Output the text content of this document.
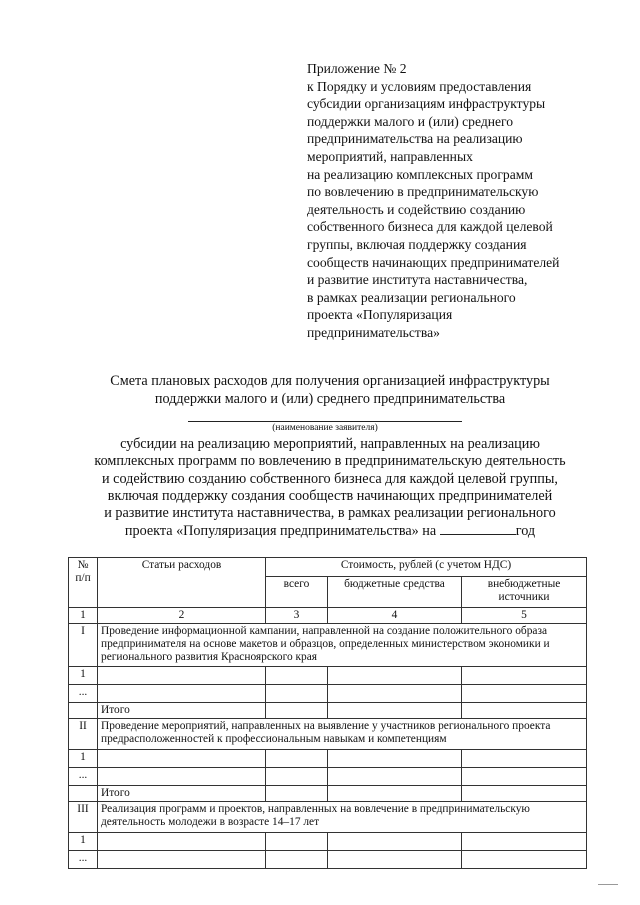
Приложение № 2
к Порядку и условиям предоставления
субсидии организациям инфраструктуры
поддержки малого и (или) среднего
предпринимательства на реализацию
мероприятий, направленных
на реализацию комплексных программ
по вовлечению в предпринимательскую
деятельность и содействию созданию
собственного бизнеса для каждой целевой
группы, включая поддержку создания
сообществ начинающих предпринимателей
и развитие института наставничества,
в рамках реализации регионального
проекта «Популяризация
предпринимательства»
Смета плановых расходов для получения организацией инфраструктуры
поддержки малого и (или) среднего предпринимательства
(наименование заявителя)
субсидии на реализацию мероприятий, направленных на реализацию
комплексных программ по вовлечению в предпринимательскую деятельность
и содействию созданию собственного бизнеса для каждой целевой группы,
включая поддержку создания сообществ начинающих предпринимателей
и развитие института наставничества, в рамках реализации регионального
проекта «Популяризация предпринимательства» на	год
№ п/п	Статьи расходов	Стоимость, рублей (с учетом НДС)		
		всего	бюджетные средства	внебюджетные источники
1	2	3	4	5
I	Проведение информационной кампании, направленной на создание положительного образа предпринимателя на основе макетов и образцов, определенных министерством экономики и регионального развития Красноярского края			
1				
...				
	Итого			
II	Проведение мероприятий, направленных на выявление у участников регионального проекта предрасположенностей к профессиональным навыкам и компетенциям			
1				
...				
	Итого			
III	Реализация программ и проектов, направленных на вовлечение в предпринимательскую деятельность молодежи в возрасте 14–17 лет			
1				
...				
